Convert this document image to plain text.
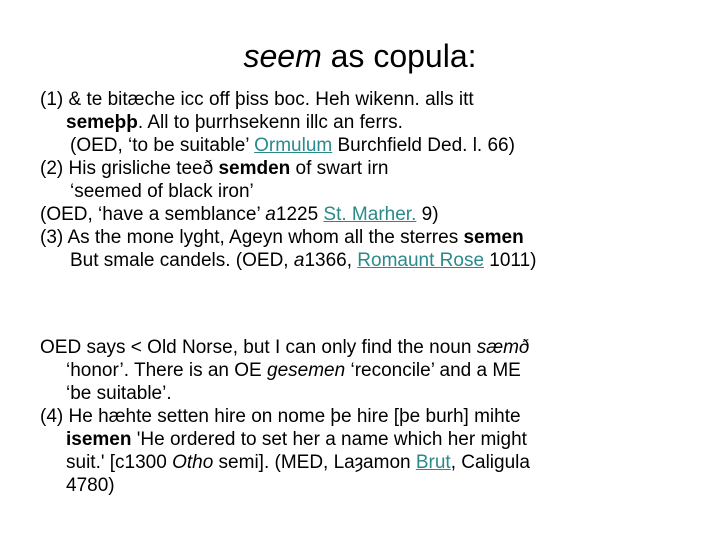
seem as copula:
(1) & te bitæche icc off þiss boc. Heh wikenn. alls itt
semeþþ. All to þurrhsekenn illc an ferrs.
(OED, ‘to be suitable’ Ormulum Burchfield Ded. l. 66)
(2) His grisliche teeð semden of swart irn
‘seemed of black iron’
(OED, ‘have a semblance’ a1225 St. Marher. 9)
(3) As the mone lyght, Ageyn whom all the sterres semen
But smale candels. (OED, a1366, Romaunt Rose 1011)
OED says < Old Norse, but I can only find the noun sæmð
‘honor’. There is an OE gesemen ‘reconcile’ and a ME
‘be suitable’.
(4) He hæhte setten hire on nome þe hire [þe burh] mihte
isemen 'He ordered to set her a name which her might
suit.' [c1300 Otho semi]. (MED, Laȝamon Brut, Caligula
4780)
